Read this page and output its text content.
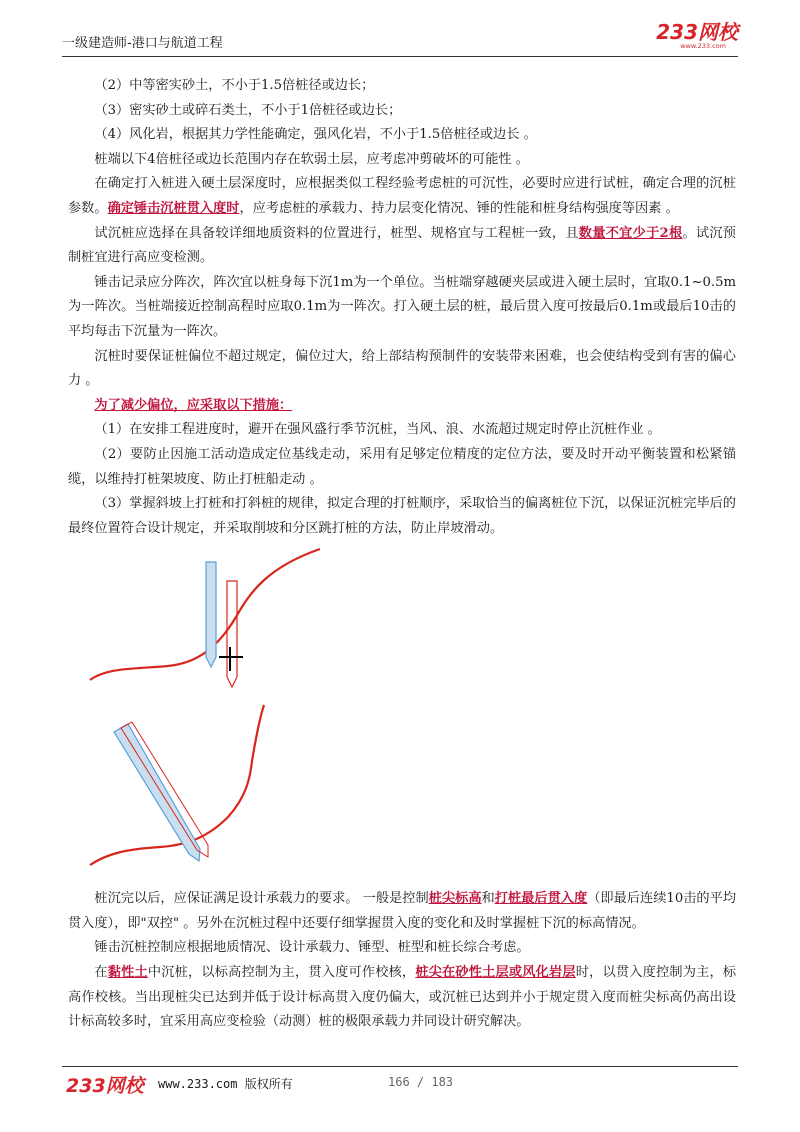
一级建造师-港口与航道工程	233网校
www.233.com

（2）中等密实砂土，不小于1.5倍桩径或边长；

（3）密实砂土或碎石类土，不小于1倍桩径或边长；

（4）风化岩，根据其力学性能确定，强风化岩，不小于1.5倍桩径或边长 。

桩端以下4倍桩径或边长范围内存在软弱土层，应考虑冲剪破坏的可能性 。

在确定打入桩进入硬土层深度时，应根据类似工程经验考虑桩的可沉性，必要时应进行试桩，确定合理的沉桩参数。确定锤击沉桩贯入度时，应考虑桩的承载力、持力层变化情况、锤的性能和桩身结构强度等因素 。

试沉桩应选择在具备较详细地质资料的位置进行，桩型、规格宜与工程桩一致，且数量不宜少于2根。试沉预制桩宜进行高应变检测。

锤击记录应分阵次，阵次宜以桩身每下沉1m为一个单位。当桩端穿越硬夹层或进入硬土层时，宜取0.1~0.5m为一阵次。当桩端接近控制高程时应取0.1m为一阵次。打入硬土层的桩，最后贯入度可按最后0.1m或最后10击的平均每击下沉量为一阵次。

沉桩时要保证桩偏位不超过规定，偏位过大，给上部结构预制件的安装带来困难，也会使结构受到有害的偏心力 。

为了减少偏位，应采取以下措施：

（1）在安排工程进度时，避开在强风盛行季节沉桩，当风、浪、水流超过规定时停止沉桩作业 。

（2）要防止因施工活动造成定位基线走动，采用有足够定位精度的定位方法，要及时开动平衡装置和松紧锚缆，以维持打桩架坡度、防止打桩船走动 。

（3）掌握斜坡上打桩和打斜桩的规律，拟定合理的打桩顺序，采取恰当的偏离桩位下沉，以保证沉桩完毕后的最终位置符合设计规定，并采取削坡和分区跳打桩的方法，防止岸坡滑动。

桩沉完以后，应保证满足设计承载力的要求。 一般是控制桩尖标高和打桩最后贯入度（即最后连续10击的平均贯入度），即"双控" 。另外在沉桩过程中还要仔细掌握贯入度的变化和及时掌握桩下沉的标高情况。

锤击沉桩控制应根据地质情况、设计承载力、锤型、桩型和桩长综合考虑。

在黏性土中沉桩，以标高控制为主，贯入度可作校核，桩尖在砂性土层或风化岩层时，以贯入度控制为主，标高作校核。当出现桩尖已达到并低于设计标高贯入度仍偏大，或沉桩已达到并小于规定贯入度而桩尖标高仍高出设计标高较多时，宜采用高应变检验（动测）桩的极限承载力并同设计研究解决。

233网校 www.233.com 版权所有	166 / 183
